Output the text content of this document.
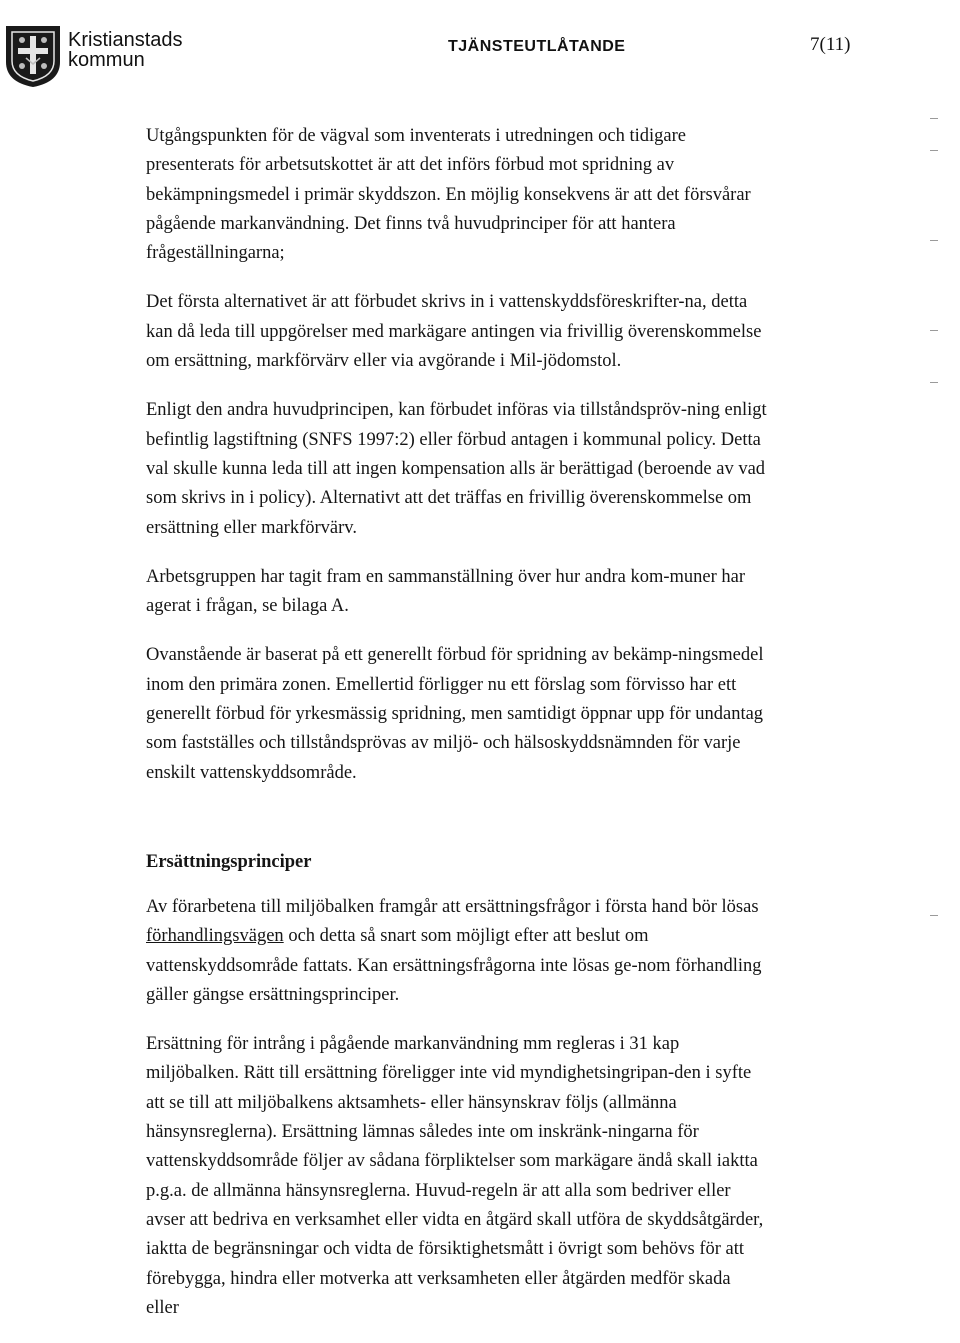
Kristianstads
kommun
TJÄNSTEUTLÅTANDE	7(11)

Utgångspunkten för de vägval som inventerats i utredningen och tidigare presenterats för arbetsutskottet är att det införs förbud mot spridning av bekämpningsmedel i primär skyddszon. En möjlig konsekvens är att det försvårar pågående markanvändning. Det finns två huvudprinciper för att hantera frågeställningarna;

Det första alternativet är att förbudet skrivs in i vattenskyddsföreskrifter-na, detta kan då leda till uppgörelser med markägare antingen via frivillig överenskommelse om ersättning, markförvärv eller via avgörande i Mil-jödomstol.

Enligt den andra huvudprincipen, kan förbudet införas via tillståndspröv-ning enligt befintlig lagstiftning (SNFS 1997:2) eller förbud antagen i kommunal policy. Detta val skulle kunna leda till att ingen kompensation alls är berättigad (beroende av vad som skrivs in i policy). Alternativt att det träffas en frivillig överenskommelse om ersättning eller markförvärv.

Arbetsgruppen har tagit fram en sammanställning över hur andra kom-muner har agerat i frågan, se bilaga A.

Ovanstående är baserat på ett generellt förbud för spridning av bekämp-ningsmedel inom den primära zonen. Emellertid förligger nu ett förslag som förvisso har ett generellt förbud för yrkesmässig spridning, men samtidigt öppnar upp för undantag som fastställes och tillståndsprövas av miljö- och hälsoskyddsnämnden för varje enskilt vattenskyddsområde.

Ersättningsprinciper

Av förarbetena till miljöbalken framgår att ersättningsfrågor i första hand bör lösas förhandlingsvägen och detta så snart som möjligt efter att beslut om vattenskyddsområde fattats. Kan ersättningsfrågorna inte lösas ge-nom förhandling gäller gängse ersättningsprinciper.

Ersättning för intrång i pågående markanvändning mm regleras i 31 kap miljöbalken. Rätt till ersättning föreligger inte vid myndighetsingripan-den i syfte att se till att miljöbalkens aktsamhets- eller hänsynskrav följs (allmänna hänsynsreglerna). Ersättning lämnas således inte om inskränk-ningarna för vattenskyddsområde följer av sådana förpliktelser som markägare ändå skall iaktta p.g.a. de allmänna hänsynsreglerna. Huvud-regeln är att alla som bedriver eller avser att bedriva en verksamhet eller vidta en åtgärd skall utföra de skyddsåtgärder, iaktta de begränsningar och vidta de försiktighetsmått i övrigt som behövs för att förebygga, hindra eller motverka att verksamheten eller åtgärden medför skada eller
